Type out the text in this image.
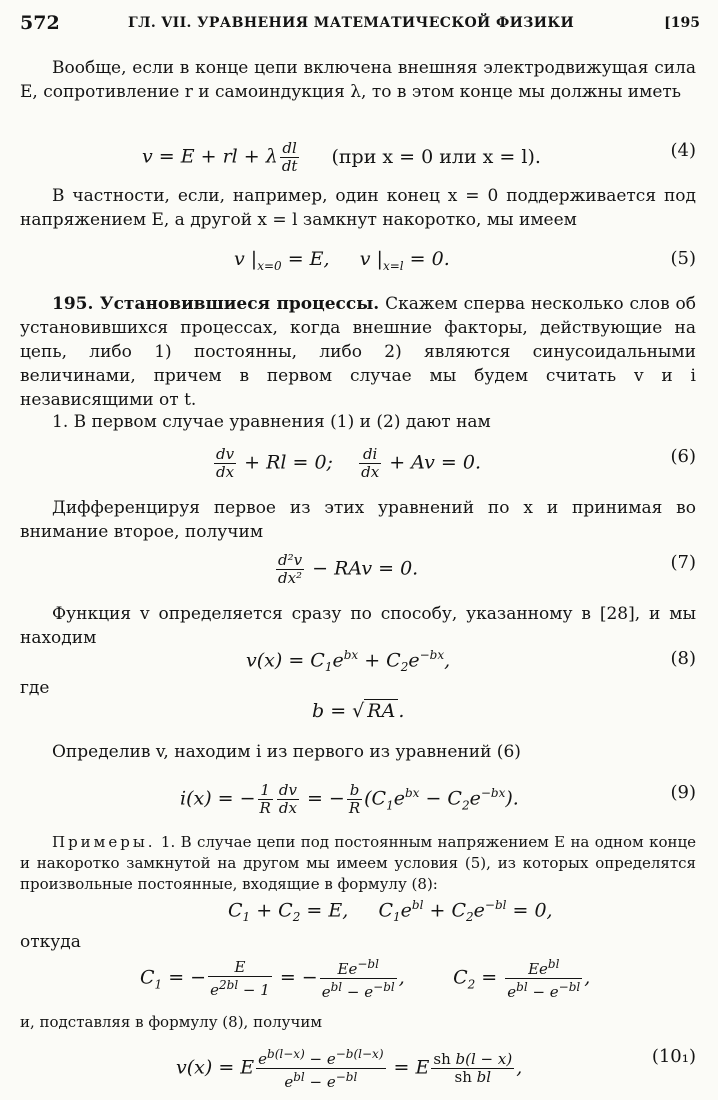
572	ГЛ. VII. УРАВНЕНИЯ МАТЕМАТИЧЕСКОЙ ФИЗИКИ	[195
Вообще, если в конце цепи включена внешняя электродвижущая сила E, сопротивление r и самоиндукция λ, то в этом конце мы должны иметь
v = E + rl + λ $\frac{dl}{dt} (при$ x = 0 или x = l).	(4)
В частности, если, например, один конец x = 0 поддерживается под напряжением E, а другой x = l замкнут накоротко, мы имеем
v $|_{x=0} = E$,     v $|_{x=l} = 0$.	(5)
195. Установившиеся процессы. Скажем сперва несколько слов об установившихся процессах, когда внешние факторы, действующие на цепь, либо 1) постоянны, либо 2) являются синусоидальными величинами, причем в первом случае мы будем считать v и i независящими от t.
1. В первом случае уравнения (1) и (2) дают нам
$\frac{dv}{dx} + Rl = 0$; $\frac{di}{dx} + Av = 0$.	(6)
Дифференцируя первое из этих уравнений по x и принимая во внимание второе, получим
$\frac{\text{d²v}}{\text{dx²}}$ − RAv = 0.	(7)
Функция v определяется сразу по способу, указанному в [28], и мы находим
$v(x) = C_1e^{bx} + C_2e^{-bx}$,	(8)
где
b = √ RA .
Определив v, находим i из первого из уравнений (6)
i(x) = − $\frac{1}{R} \frac{dv}{dx}$ = − $\frac{b}{R} (C_1e^{bx} - C_2e^{-bx})$.	(9)
Примеры. 1. В случае цепи под постоянным напряжением E на одном конце и накоротко замкнутой на другом мы имеем условия (5), из которых определятся произвольные постоянные, входящие в формулу (8):
$C_1 + C_2 = E$,     $C_1e^{bl} + C_2e^{-bl} = 0$,
откуда
$C_1$ = − $\frac{E}{e^{2bl} - 1}$ = − $\frac{Ee^{-bl}}{e^{bl} - e^{-bl}}$ ,        $C_2 = \frac{Ee^{bl}}{e^{bl} - e^{-bl}}$ ,
и, подставляя в формулу (8), получим
v(x) = E $\frac{e^{b(l-x)} - e^{-b(l-x)}}{e^{bl} - e^{-bl}} = E \frac{\text{sh b(l − x)}}{\text{sh bl}}$ ,	(10₁)
